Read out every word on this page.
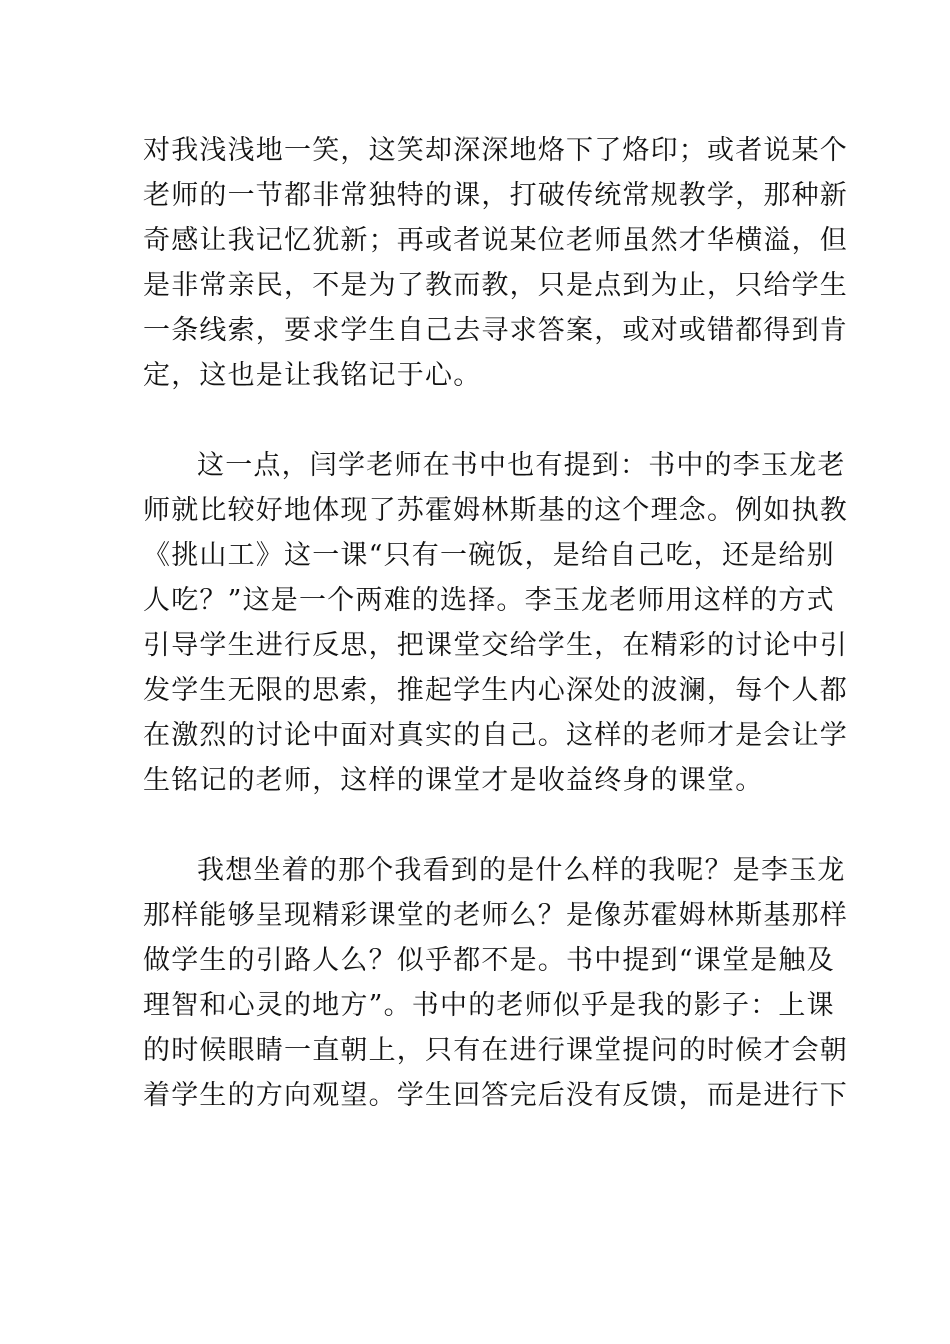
对我浅浅地一笑，这笑却深深地烙下了烙印；或者说某个
老师的一节都非常独特的课，打破传统常规教学，那种新
奇感让我记忆犹新；再或者说某位老师虽然才华横溢，但
是非常亲民，不是为了教而教，只是点到为止，只给学生
一条线索，要求学生自己去寻求答案，或对或错都得到肯
定，这也是让我铭记于心。
这一点，闫学老师在书中也有提到：书中的李玉龙老
师就比较好地体现了苏霍姆林斯基的这个理念。例如执教
《挑山工》这一课“只有一碗饭，是给自己吃，还是给别
人吃？”这是一个两难的选择。李玉龙老师用这样的方式
引导学生进行反思，把课堂交给学生，在精彩的讨论中引
发学生无限的思索，推起学生内心深处的波澜，每个人都
在激烈的讨论中面对真实的自己。这样的老师才是会让学
生铭记的老师，这样的课堂才是收益终身的课堂。
我想坐着的那个我看到的是什么样的我呢？是李玉龙
那样能够呈现精彩课堂的老师么？是像苏霍姆林斯基那样
做学生的引路人么？似乎都不是。书中提到“课堂是触及
理智和心灵的地方”。书中的老师似乎是我的影子：上课
的时候眼睛一直朝上，只有在进行课堂提问的时候才会朝
着学生的方向观望。学生回答完后没有反馈，而是进行下
